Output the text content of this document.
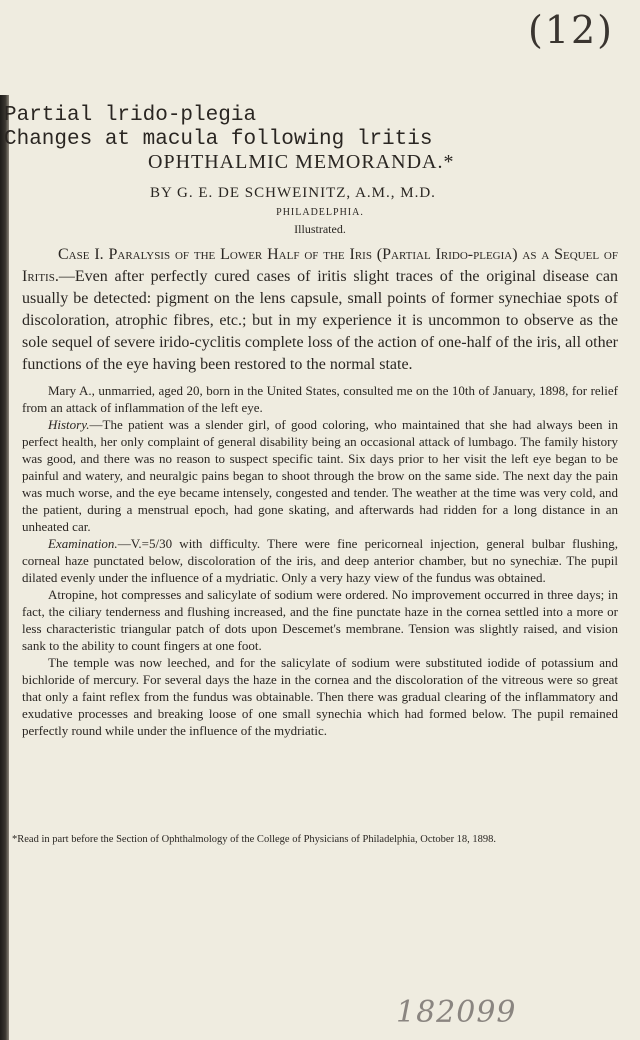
(12)
Partial lrido-plegia
Changes at macula following lritis
OPHTHALMIC MEMORANDA.*
BY G. E. DE SCHWEINITZ, A.M., M.D.
PHILADELPHIA.
Illustrated.

Case I. Paralysis of the Lower Half of the Iris (Partial Irido-plegia) as a Sequel of Iritis.—Even after perfectly cured cases of iritis slight traces of the original disease can usually be detected: pigment on the lens capsule, small points of former synechiae spots of discoloration, atrophic fibres, etc.; but in my experience it is uncommon to observe as the sole sequel of severe irido-cyclitis complete loss of the action of one-half of the iris, all other functions of the eye having been restored to the normal state.

Mary A., unmarried, aged 20, born in the United States, consulted me on the 10th of January, 1898, for relief from an attack of inflammation of the left eye.

History.—The patient was a slender girl, of good coloring, who maintained that she had always been in perfect health, her only complaint of general disability being an occasional attack of lumbago. The family history was good, and there was no reason to suspect specific taint. Six days prior to her visit the left eye began to be painful and watery, and neuralgic pains began to shoot through the brow on the same side. The next day the pain was much worse, and the eye became intensely, congested and tender. The weather at the time was very cold, and the patient, during a menstrual epoch, had gone skating, and afterwards had ridden for a long distance in an unheated car.

Examination.—V.=5/30 with difficulty. There were fine pericorneal injection, general bulbar flushing, corneal haze punctated below, discoloration of the iris, and deep anterior chamber, but no synechiæ. The pupil dilated evenly under the influence of a mydriatic. Only a very hazy view of the fundus was obtained.

Atropine, hot compresses and salicylate of sodium were ordered. No improvement occurred in three days; in fact, the ciliary tenderness and flushing increased, and the fine punctate haze in the cornea settled into a more or less characteristic triangular patch of dots upon Descemet's membrane. Tension was slightly raised, and vision sank to the ability to count fingers at one foot.

The temple was now leeched, and for the salicylate of sodium were substituted iodide of potassium and bichloride of mercury. For several days the haze in the cornea and the discoloration of the vitreous were so great that only a faint reflex from the fundus was obtainable. Then there was gradual clearing of the inflammatory and exudative processes and breaking loose of one small synechia which had formed below. The pupil remained perfectly round while under the influence of the mydriatic.

*Read in part before the Section of Ophthalmology of the College of Physicians of Philadelphia, October 18, 1898.
182099
